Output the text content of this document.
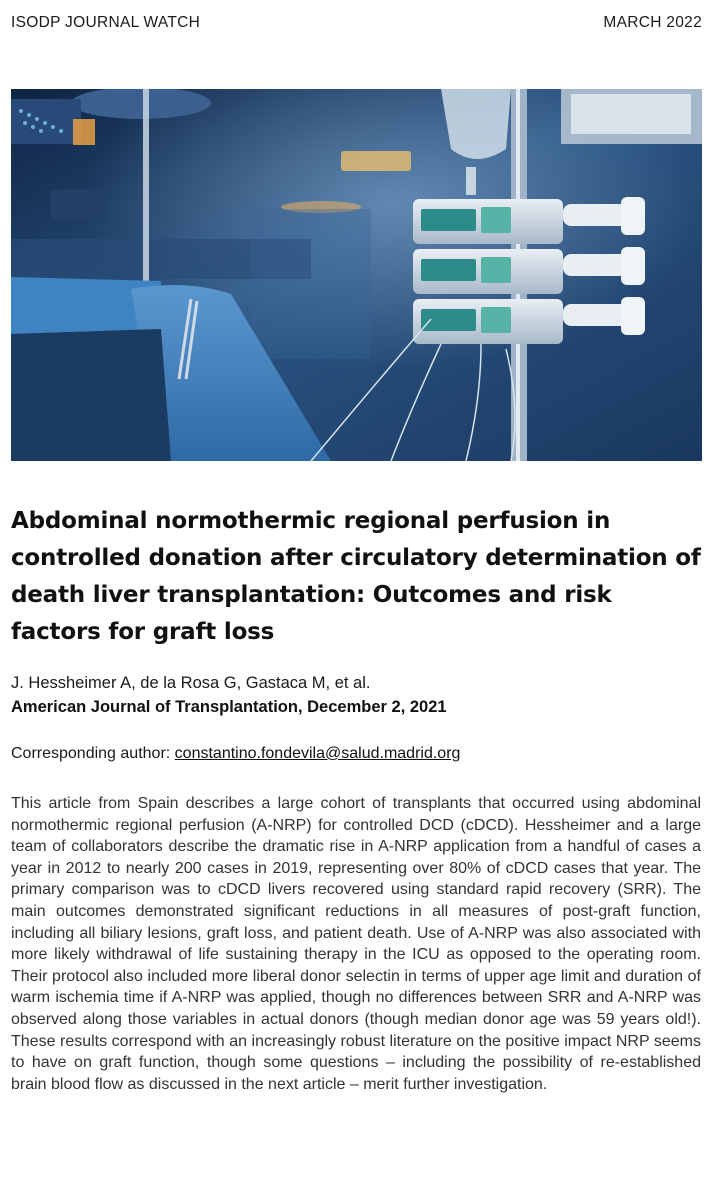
ISODP JOURNAL WATCH	MARCH 2022
Abdominal normothermic regional perfusion in controlled donation after circulatory determination of death liver transplantation: Outcomes and risk factors for graft loss
J. Hessheimer A, de la Rosa G, Gastaca M, et al.
American Journal of Transplantation, December 2, 2021
Corresponding author: constantino.fondevila@salud.madrid.org

This article from Spain describes a large cohort of transplants that occurred using abdominal normothermic regional perfusion (A-NRP) for controlled DCD (cDCD). Hessheimer and a large team of collaborators describe the dramatic rise in A-NRP application from a handful of cases a year in 2012 to nearly 200 cases in 2019, representing over 80% of cDCD cases that year. The primary comparison was to cDCD livers recovered using standard rapid recovery (SRR). The main outcomes demonstrated significant reductions in all measures of post-graft function, including all biliary lesions, graft loss, and patient death. Use of A-NRP was also associated with more likely withdrawal of life sustaining therapy in the ICU as opposed to the operating room. Their protocol also included more liberal donor selectin in terms of upper age limit and duration of warm ischemia time if A-NRP was applied, though no differences between SRR and A-NRP was observed along those variables in actual donors (though median donor age was 59 years old!). These results correspond with an increasingly robust literature on the positive impact NRP seems to have on graft function, though some questions – including the possibility of re-established brain blood flow as discussed in the next article – merit further investigation.
